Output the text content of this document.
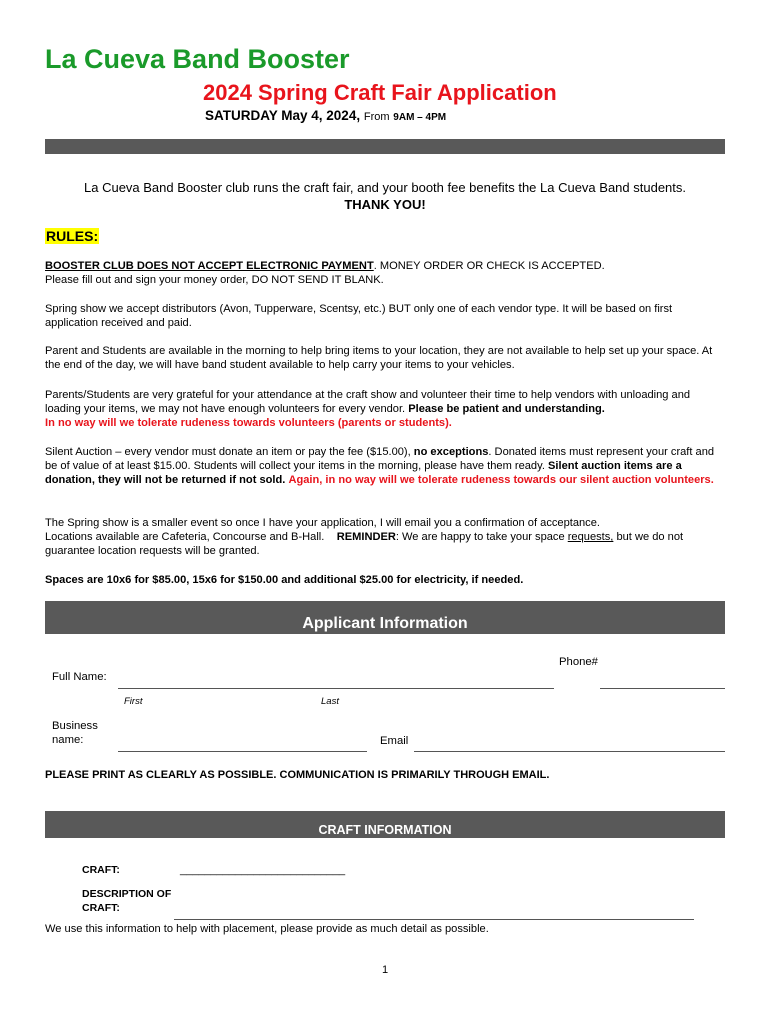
La Cueva Band Booster
2024 Spring Craft Fair Application
SATURDAY May 4, 2024, From 9AM – 4PM
La Cueva Band Booster club runs the craft fair, and your booth fee benefits the La Cueva Band students.
THANK YOU!
RULES:
BOOSTER CLUB DOES NOT ACCEPT ELECTRONIC PAYMENT. MONEY ORDER OR CHECK IS ACCEPTED.
Please fill out and sign your money order, DO NOT SEND IT BLANK.
Spring show we accept distributors (Avon, Tupperware, Scentsy, etc.) BUT only one of each vendor type. It will be based on first application received and paid.
Parent and Students are available in the morning to help bring items to your location, they are not available to help set up your space. At the end of the day, we will have band student available to help carry your items to your vehicles.
Parents/Students are very grateful for your attendance at the craft show and volunteer their time to help vendors with unloading and loading your items, we may not have enough volunteers for every vendor. Please be patient and understanding.
In no way will we tolerate rudeness towards volunteers (parents or students).
Silent Auction – every vendor must donate an item or pay the fee ($15.00), no exceptions. Donated items must represent your craft and be of value of at least $15.00. Students will collect your items in the morning, please have them ready. Silent auction items are a donation, they will not be returned if not sold. Again, in no way will we tolerate rudeness towards our silent auction volunteers.
The Spring show is a smaller event so once I have your application, I will email you a confirmation of acceptance.
Locations available are Cafeteria, Concourse and B-Hall. REMINDER: We are happy to take your space requests, but we do not guarantee location requests will be granted.
Spaces are 10x6 for $85.00, 15x6 for $150.00 and additional $25.00 for electricity, if needed.
Applicant Information
Full Name:
Phone#
First	Last
Business name:	Email
PLEASE PRINT AS CLEARLY AS POSSIBLE. COMMUNICATION IS PRIMARILY THROUGH EMAIL.
CRAFT INFORMATION
CRAFT:	___________________________
DESCRIPTION OF CRAFT:
We use this information to help with placement, please provide as much detail as possible.
1
